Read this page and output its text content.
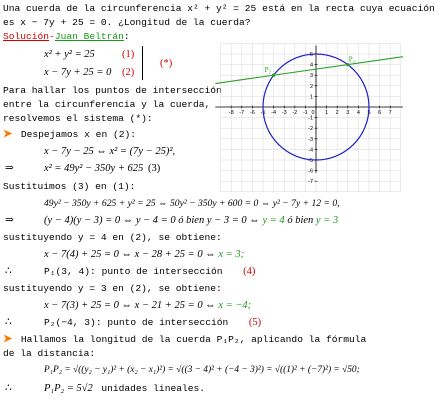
Una cuerda de la circunferencia x² + y² = 25 está en la recta cuya ecuación
es x − 7y + 25 = 0. ¿Longitud de la cuerda?
Solución-Juan Beltrán:
x² + y² = 25	(1)
x − 7y + 25 = 0 (2)
(*)
Para hallar los puntos de intersección
entre la circunferencia y la cuerda,
resolvemos el sistema (*):
➤ Despejamos x en (2):
x − 7y − 25 ⇔ x² = (7y − 25)²,
⇒	x² = 49y² − 350y + 625 (3)
Sustituimos (3) en (1):
49y² − 350y + 625 + y² = 25 ⇔ 50y² − 350y + 600 = 0 ⇔ y² − 7y + 12 = 0,
⇒	(y − 4)(y − 3) = 0 ⇔ y − 4 = 0 ó bien y − 3 = 0 ⇔ y = 4 ó bien y = 3
sustituyendo y = 4 en (2), se obtiene:
x − 7(4) + 25 = 0 ⇔ x − 28 + 25 = 0 ⇔ x = 3;
∴	P₁(3, 4): punto de intersección (4)
sustituyendo y = 3 en (2), se obtiene:
x − 7(3) + 25 = 0 ⇔ x − 21 + 25 = 0 ⇔ x = −4;
∴	P₂(−4, 3): punto de intersección (5)
➤ Hallamos la longitud de la cuerda P₁P₂, aplicando la fórmula
de la distancia:
P₁P₂ = √((y₂ − y₁)² + (x₂ − x₁)²) = √((3 − 4)² + (−4 − 3)²) = √((1)² + (−7)²) = √50;
∴	P₁P₂ = 5√2 unidades lineales.
-8 -7 -6 -5 -4 -3 -2 -1 0 1 2 3 4 5 6 7
5
4
3
2
1
-1
-2
-3
-4
-5
-6
-7
P₁
P₂
